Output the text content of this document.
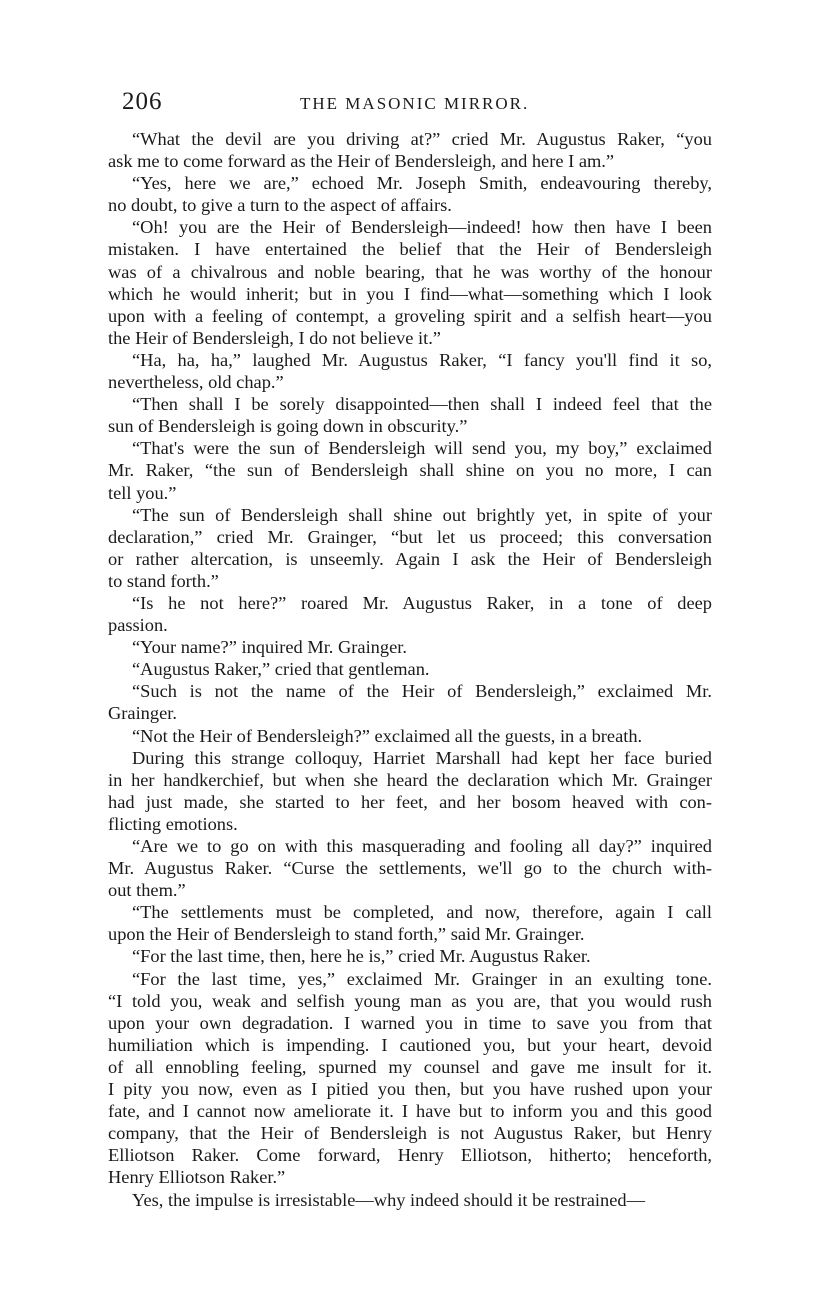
206	THE MASONIC MIRROR.
“What the devil are you driving at?” cried Mr. Augustus Raker, “you
ask me to come forward as the Heir of Bendersleigh, and here I am.”
“Yes, here we are,” echoed Mr. Joseph Smith, endeavouring thereby,
no doubt, to give a turn to the aspect of affairs.
“Oh! you are the Heir of Bendersleigh—indeed! how then have I been
mistaken. I have entertained the belief that the Heir of Bendersleigh
was of a chivalrous and noble bearing, that he was worthy of the honour
which he would inherit; but in you I find—what—something which I look
upon with a feeling of contempt, a groveling spirit and a selfish heart—you
the Heir of Bendersleigh, I do not believe it.”
“Ha, ha, ha,” laughed Mr. Augustus Raker, “I fancy you'll find it so,
nevertheless, old chap.”
“Then shall I be sorely disappointed—then shall I indeed feel that the
sun of Bendersleigh is going down in obscurity.”
“That's were the sun of Bendersleigh will send you, my boy,” exclaimed
Mr. Raker, “the sun of Bendersleigh shall shine on you no more, I can
tell you.”
“The sun of Bendersleigh shall shine out brightly yet, in spite of your
declaration,” cried Mr. Grainger, “but let us proceed; this conversation
or rather altercation, is unseemly. Again I ask the Heir of Bendersleigh
to stand forth.”
“Is he not here?” roared Mr. Augustus Raker, in a tone of deep
passion.
“Your name?” inquired Mr. Grainger.
“Augustus Raker,” cried that gentleman.
“Such is not the name of the Heir of Bendersleigh,” exclaimed Mr.
Grainger.
“Not the Heir of Bendersleigh?” exclaimed all the guests, in a breath.
During this strange colloquy, Harriet Marshall had kept her face buried
in her handkerchief, but when she heard the declaration which Mr. Grainger
had just made, she started to her feet, and her bosom heaved with con-
flicting emotions.
“Are we to go on with this masquerading and fooling all day?” inquired
Mr. Augustus Raker. “Curse the settlements, we'll go to the church with-
out them.”
“The settlements must be completed, and now, therefore, again I call
upon the Heir of Bendersleigh to stand forth,” said Mr. Grainger.
“For the last time, then, here he is,” cried Mr. Augustus Raker.
“For the last time, yes,” exclaimed Mr. Grainger in an exulting tone.
“I told you, weak and selfish young man as you are, that you would rush
upon your own degradation. I warned you in time to save you from that
humiliation which is impending. I cautioned you, but your heart, devoid
of all ennobling feeling, spurned my counsel and gave me insult for it.
I pity you now, even as I pitied you then, but you have rushed upon your
fate, and I cannot now ameliorate it. I have but to inform you and this good
company, that the Heir of Bendersleigh is not Augustus Raker, but Henry
Elliotson Raker. Come forward, Henry Elliotson, hitherto; henceforth,
Henry Elliotson Raker.”
Yes, the impulse is irresistable—why indeed should it be restrained—
